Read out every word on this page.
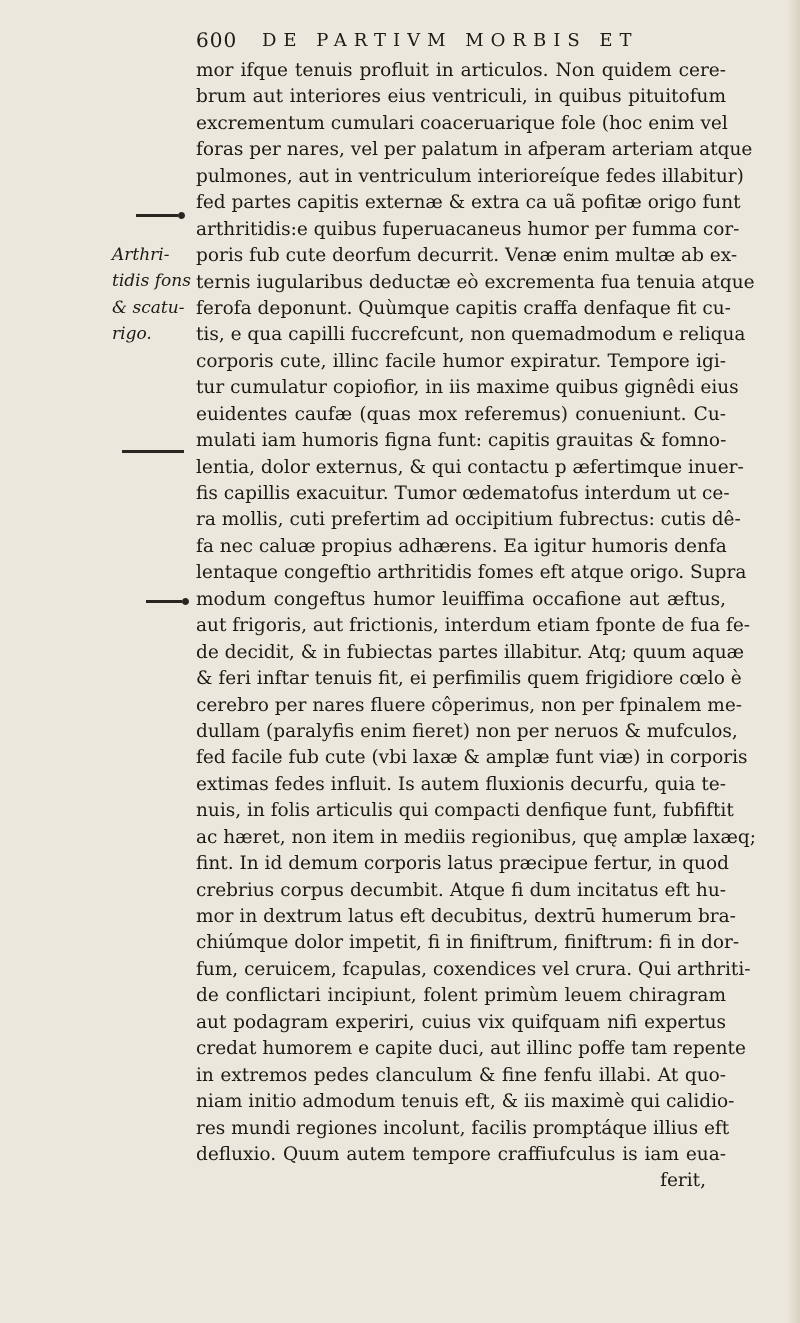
600 DE PARTIVM MORBIS ET
Arthri-
tidis fons
& scatu-
rigo.
mor ifque tenuis profluit in articulos. Non quidem cere-
brum aut interiores eius ventriculi, in quibus pituitofum
excrementum cumulari coaceruarique fole (hoc enim vel
foras per nares, vel per palatum in afperam arteriam atque
pulmones, aut in ventriculum interioreíque fedes illabitur)
fed partes capitis externæ & extra ca uã pofitæ origo funt
arthritidis:e quibus fuperuacaneus humor per fumma cor-
poris fub cute deorfum decurrit. Venæ enim multæ ab ex-
ternis iugularibus deductæ eò excrementa fua tenuia atque
ferofa deponunt. Quùmque capitis craffa denfaque fit cu-
tis, e qua capilli fuccrefcunt, non quemadmodum e reliqua
corporis cute, illinc facile humor expiratur. Tempore igi-
tur cumulatur copiofior, in iis maxime quibus gignêdi eius
euidentes caufæ (quas mox referemus) conueniunt. Cu-
mulati iam humoris figna funt: capitis grauitas & fomno-
lentia, dolor externus, & qui contactu p æfertimque inuer-
fis capillis exacuitur. Tumor œdematofus interdum ut ce-
ra mollis, cuti prefertim ad occipitium fubrectus: cutis dê-
fa nec caluæ propius adhærens. Ea igitur humoris denfa
lentaque congeftio arthritidis fomes eft atque origo. Supra
modum congeftus humor leuiffima occafione aut æftus,
aut frigoris, aut frictionis, interdum etiam fponte de fua fe-
de decidit, & in fubiectas partes illabitur. Atq; quum aquæ
& feri inftar tenuis fit, ei perfimilis quem frigidiore cœlo è
cerebro per nares fluere côperimus, non per fpinalem me-
dullam (paralyfis enim fieret) non per neruos & mufculos,
fed facile fub cute (vbi laxæ & amplæ funt viæ) in corporis
extimas fedes influit. Is autem fluxionis decurfu, quia te-
nuis, in folis articulis qui compacti denfique funt, fubfiftit
ac hæret, non item in mediis regionibus, quę amplæ laxæq;
fint. In id demum corporis latus præcipue fertur, in quod
crebrius corpus decumbit. Atque fi dum incitatus eft hu-
mor in dextrum latus eft decubitus, dextrū humerum bra-
chiúmque dolor impetit, fi in finiftrum, finiftrum: fi in dor-
fum, ceruicem, fcapulas, coxendices vel crura. Qui arthriti-
de conflictari incipiunt, folent primùm leuem chiragram
aut podagram experiri, cuius vix quifquam nifi expertus
credat humorem e capite duci, aut illinc poffe tam repente
in extremos pedes clanculum & fine fenfu illabi. At quo-
niam initio admodum tenuis eft, & iis maximè qui calidio-
res mundi regiones incolunt, facilis promptáque illius eft
defluxio. Quum autem tempore craffiufculus is iam eua-
ferit,
